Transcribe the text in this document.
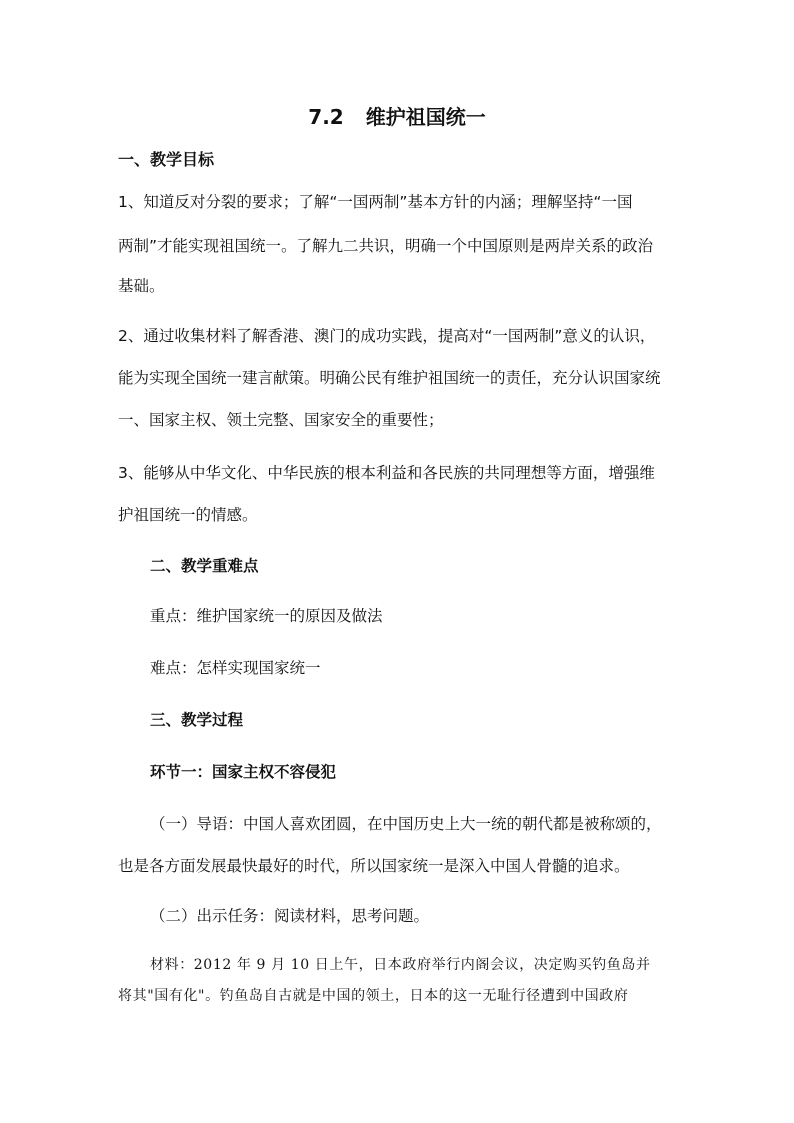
7.2 维护祖国统一
一、教学目标
1、知道反对分裂的要求；了解“一国两制”基本方针的内涵；理解坚持“一国
两制”才能实现祖国统一。了解九二共识，明确一个中国原则是两岸关系的政治
基础。
2、通过收集材料了解香港、澳门的成功实践，提高对“一国两制”意义的认识，
能为实现全国统一建言献策。明确公民有维护祖国统一的责任，充分认识国家统
一、国家主权、领土完整、国家安全的重要性；
3、能够从中华文化、中华民族的根本利益和各民族的共同理想等方面，增强维
护祖国统一的情感。
二、教学重难点
重点：维护国家统一的原因及做法
难点：怎样实现国家统一
三、教学过程
环节一：国家主权不容侵犯
（一）导语：中国人喜欢团圆，在中国历史上大一统的朝代都是被称颂的，
也是各方面发展最快最好的时代，所以国家统一是深入中国人骨髓的追求。
（二）出示任务：阅读材料，思考问题。
材料：2012 年 9 月 10 日上午，日本政府举行内阁会议，决定购买钓鱼岛并
将其"国有化"。钓鱼岛自古就是中国的领土，日本的这一无耻行径遭到中国政府
